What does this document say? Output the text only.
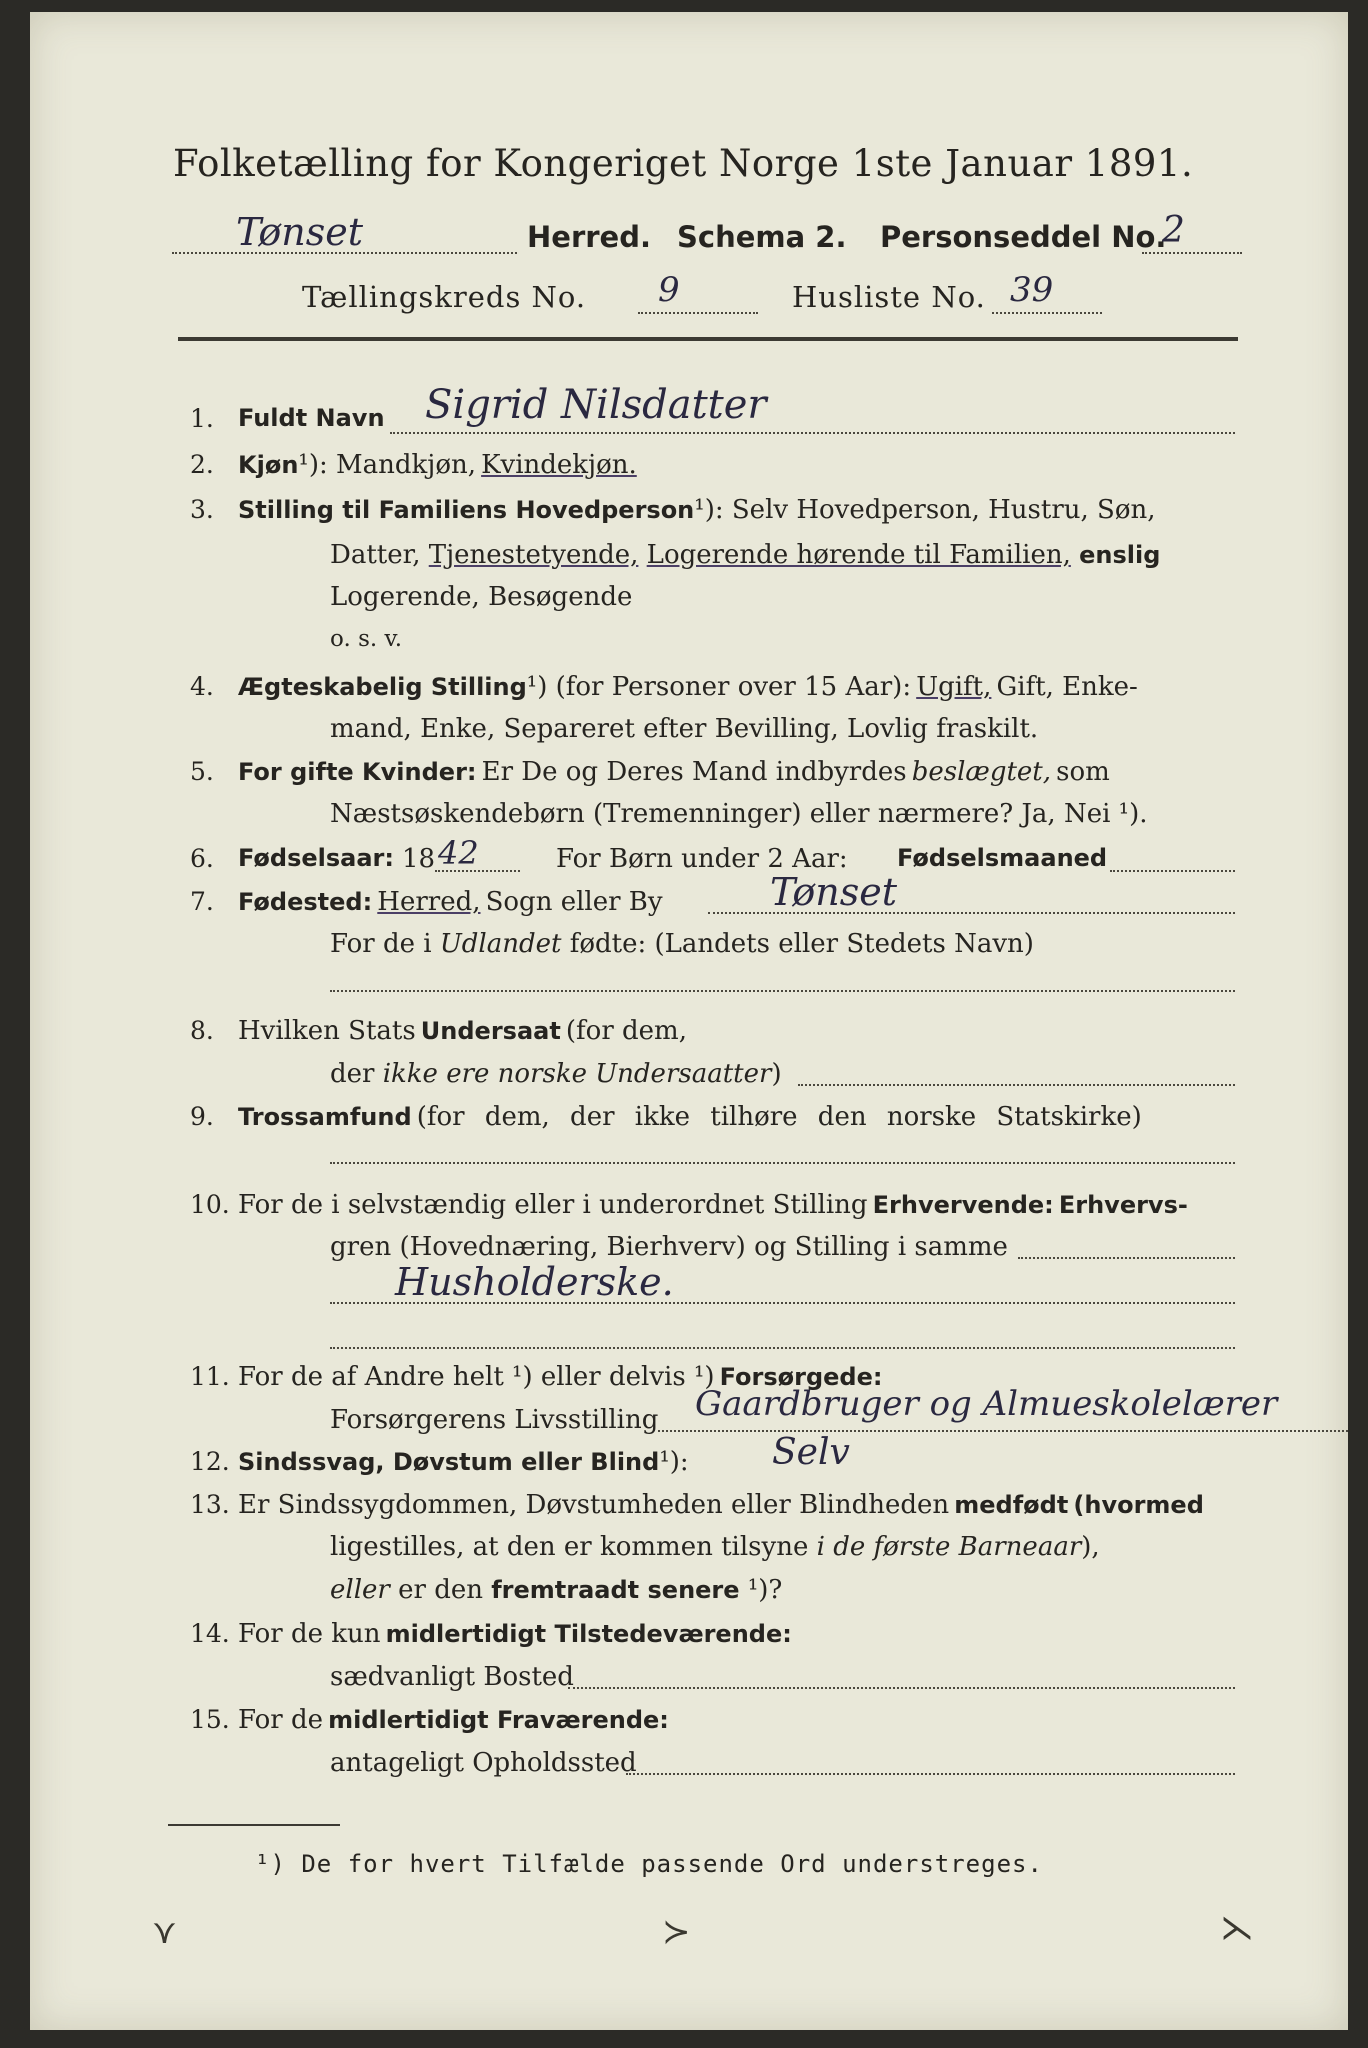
Folketælling for Kongeriget Norge 1ste Januar 1891.
Tønset	Herred. Schema 2. Personseddel No.
2
Tællingskreds No. 9	Husliste No. 39
1. Fuldt Navn Sigrid Nilsdatter
2. Kjøn¹): Mandkjøn, Kvindekjøn.
3. Stilling til Familiens Hovedperson¹): Selv Hovedperson, Hustru, Søn,
Datter, Tjenestetyende, Logerende hørende til Familien, enslig
Logerende, Besøgende
o. s. v.
4. Ægteskabelig Stilling¹) (for Personer over 15 Aar): Ugift, Gift, Enke-
mand, Enke, Separeret efter Bevilling, Lovlig fraskilt.
5. For gifte Kvinder: Er De og Deres Mand indbyrdes beslægtet, som
Næstsøskendebørn (Tremenninger) eller nærmere? Ja, Nei ¹).
6. Fødselsaar: 18 42	For Børn under 2 Aar: Fødselsmaaned
7. Fødested: Herred, Sogn eller By	Tønset
For de i Udlandet fødte: (Landets eller Stedets Navn)
8. Hvilken Stats Undersaat (for dem,
der ikke ere norske Undersaatter)
9. Trossamfund (for dem, der ikke tilhøre den norske Statskirke)
10. For de i selvstændig eller i underordnet Stilling Erhvervende: Erhvervs-
gren (Hovednæring, Bierhverv) og Stilling i samme
Husholderske.
11. For de af Andre helt ¹) eller delvis ¹) Forsørgede:
Forsørgerens Livsstilling Gaardbruger og Almueskolelærer
12. Sindssvag, Døvstum eller Blind¹): Selv
13. Er Sindssygdommen, Døvstumheden eller Blindheden medfødt (hvormed
ligestilles, at den er kommen tilsyne i de første Barneaar),
eller er den fremtraadt senere ¹)?
14. For de kun midlertidigt Tilstedeværende:
sædvanligt Bosted
15. For de midlertidigt Fraværende:
antageligt Opholdssted
¹) De for hvert Tilfælde passende Ord understreges.
⋎	≻	⋋
